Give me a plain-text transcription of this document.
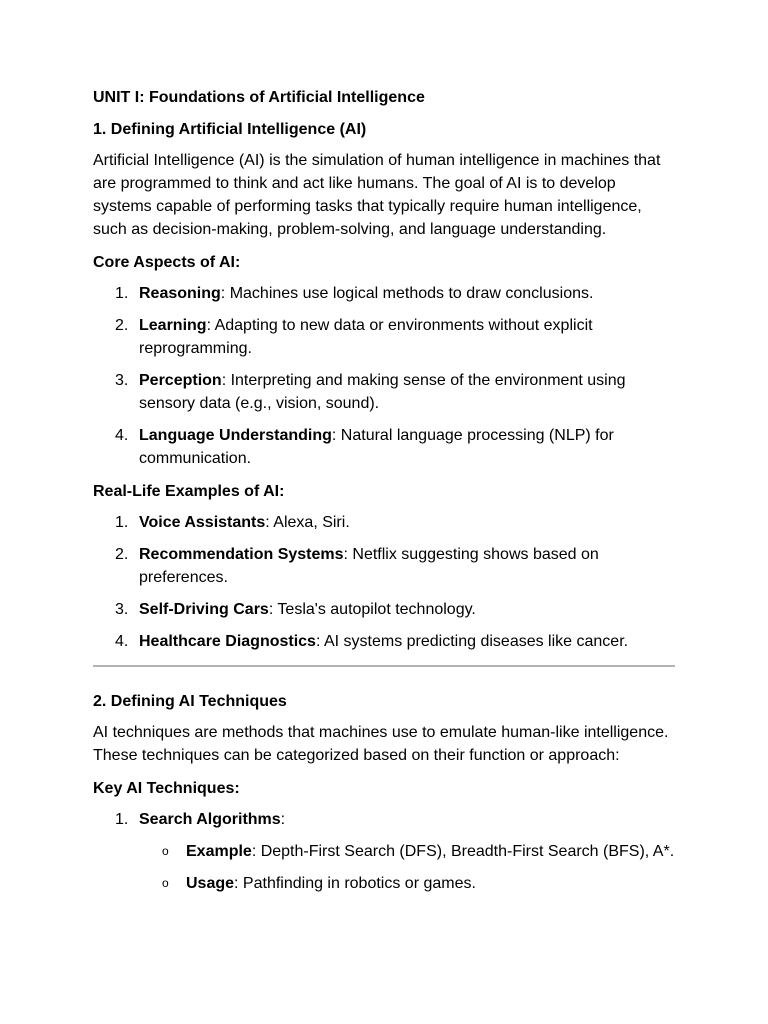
UNIT I: Foundations of Artificial Intelligence
1. Defining Artificial Intelligence (AI)

Artificial Intelligence (AI) is the simulation of human intelligence in machines that are programmed to think and act like humans. The goal of AI is to develop systems capable of performing tasks that typically require human intelligence, such as decision-making, problem-solving, and language understanding.

Core Aspects of AI:
1. Reasoning: Machines use logical methods to draw conclusions.
2. Learning: Adapting to new data or environments without explicit reprogramming.
3. Perception: Interpreting and making sense of the environment using sensory data (e.g., vision, sound).
4. Language Understanding: Natural language processing (NLP) for communication.
Real-Life Examples of AI:
1. Voice Assistants: Alexa, Siri.
2. Recommendation Systems: Netflix suggesting shows based on preferences.
3. Self-Driving Cars: Tesla's autopilot technology.
4. Healthcare Diagnostics: AI systems predicting diseases like cancer.
2. Defining AI Techniques

AI techniques are methods that machines use to emulate human-like intelligence. These techniques can be categorized based on their function or approach:

Key AI Techniques:
1. Search Algorithms:
o Example: Depth-First Search (DFS), Breadth-First Search (BFS), A*.
o Usage: Pathfinding in robotics or games.
